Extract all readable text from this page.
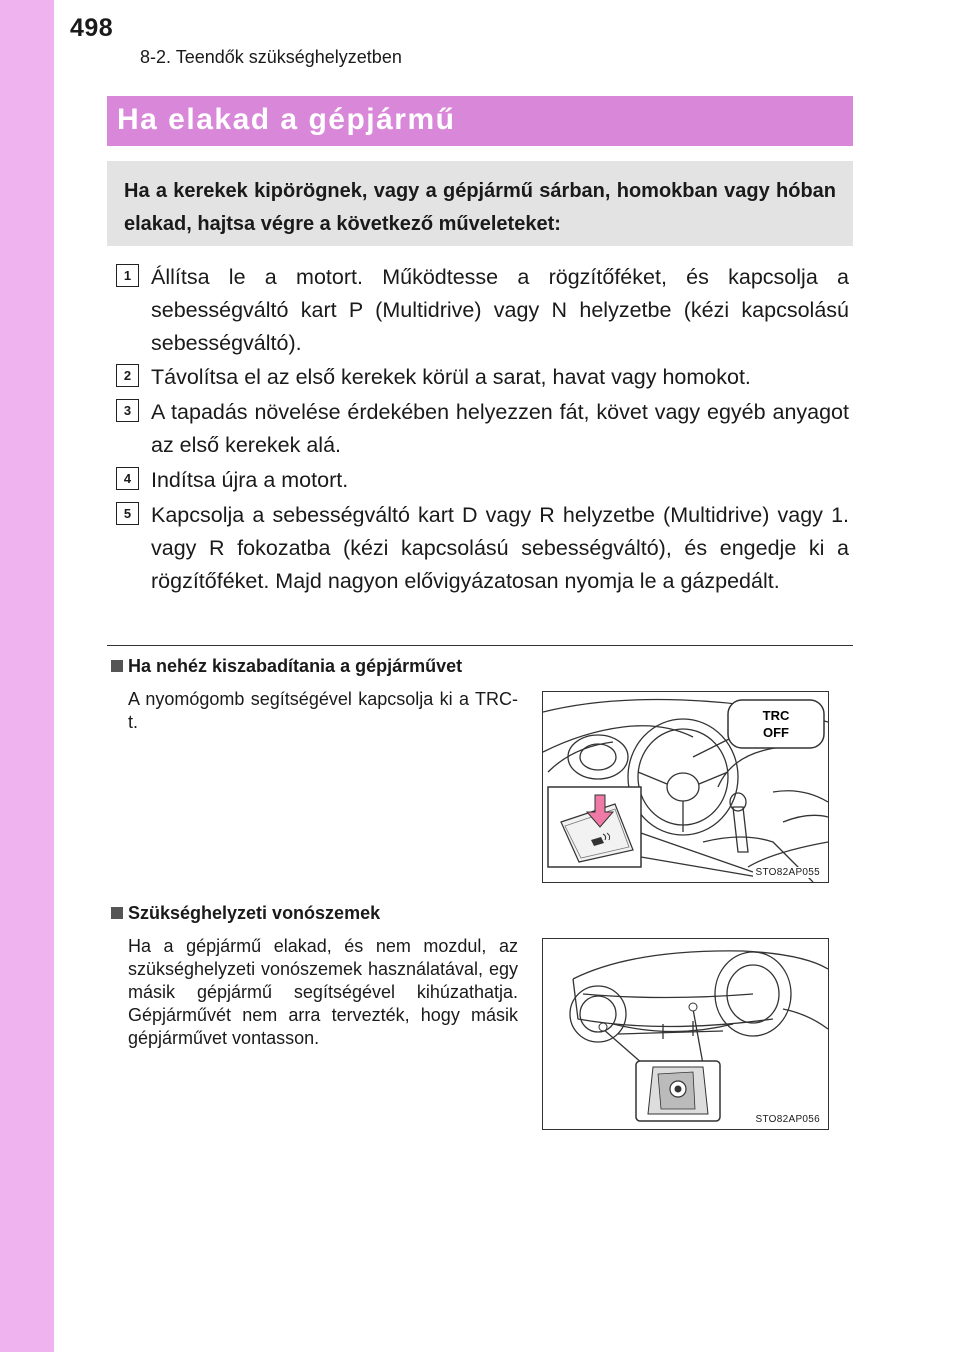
498
8-2. Teendők szükséghelyzetben
Ha elakad a gépjármű
Ha a kerekek kipörögnek, vagy a gépjármű sárban, homokban vagy hóban elakad, hajtsa végre a következő műveleteket:
1 Állítsa le a motort. Működtesse a rögzítőféket, és kapcsolja a sebességváltó kart P (Multidrive) vagy N helyzetbe (kézi kapcsolású sebességváltó).
2 Távolítsa el az első kerekek körül a sarat, havat vagy homokot.
3 A tapadás növelése érdekében helyezzen fát, követ vagy egyéb anyagot az első kerekek alá.
4 Indítsa újra a motort.
5 Kapcsolja a sebességváltó kart D vagy R helyzetbe (Multidrive) vagy 1. vagy R fokozatba (kézi kapcsolású sebességváltó), és engedje ki a rögzítőféket. Majd nagyon elővigyázatosan nyomja le a gázpedált.
Ha nehéz kiszabadítania a gépjárművet
A nyomógomb segítségével kapcsolja ki a TRC-t.	TRC
OFF
STO82AP055
Szükséghelyzeti vonószemek
Ha a gépjármű elakad, és nem mozdul, az szükséghelyzeti vonószemek használatával, egy másik gépjármű segítségével kihúzathatja. Gépjárművét nem arra tervezték, hogy másik gépjárművet vontasson.
STO82AP056
